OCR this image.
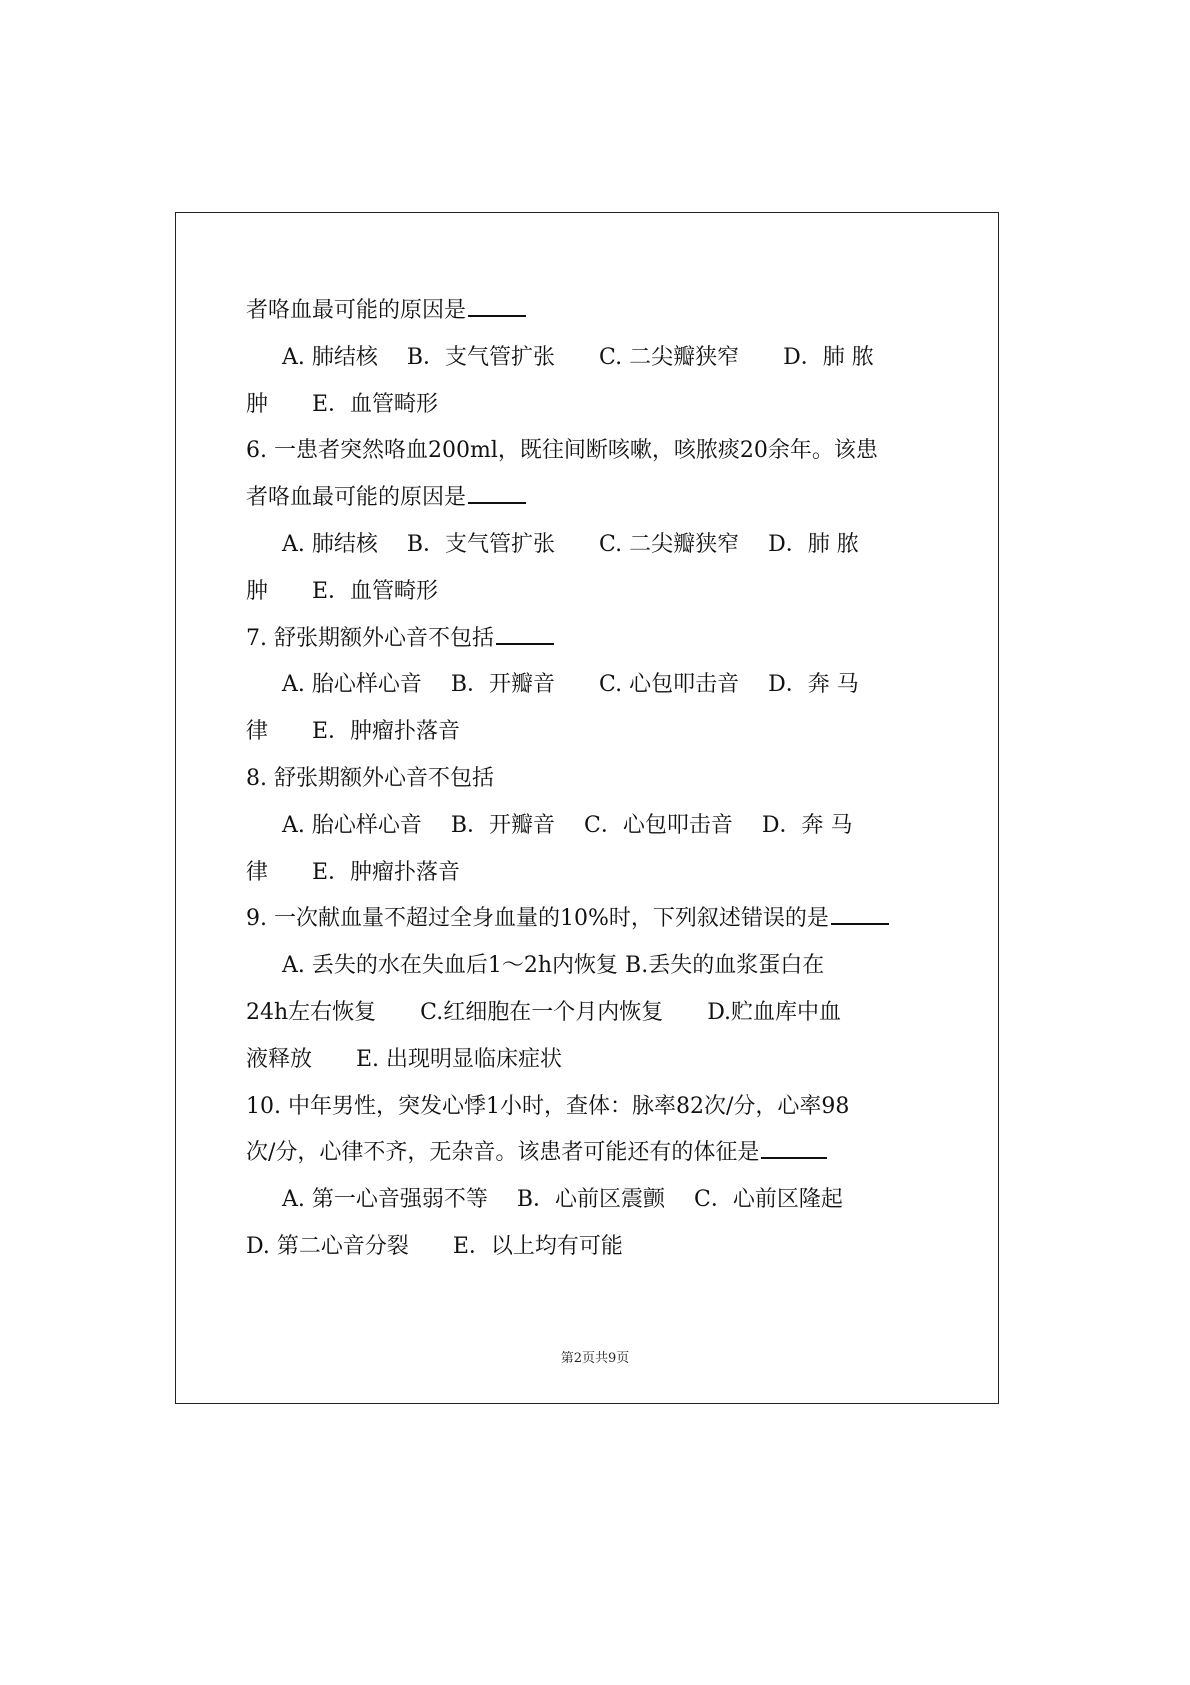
者咯血最可能的原因是
A. 肺结核　 B．支气管扩张　　C. 二尖瓣狭窄　　D．肺 脓
肿　　E．血管畸形
6. 一患者突然咯血200ml，既往间断咳嗽，咳脓痰20余年。该患
者咯血最可能的原因是
A. 肺结核　 B．支气管扩张　　C. 二尖瓣狭窄　 D．肺 脓
肿　　E．血管畸形
7. 舒张期额外心音不包括
A. 胎心样心音　 B．开瓣音　　C. 心包叩击音　 D．奔 马
律　　E．肿瘤扑落音
8. 舒张期额外心音不包括
A. 胎心样心音　 B．开瓣音　 C．心包叩击音　 D．奔 马
律　　E．肿瘤扑落音
9. 一次献血量不超过全身血量的10%时，下列叙述错误的是
A. 丢失的水在失血后1～2h内恢复 B.丢失的血浆蛋白在
24h左右恢复　　C.红细胞在一个月内恢复　　D.贮血库中血
液释放　　E. 出现明显临床症状
10. 中年男性，突发心悸1小时，查体：脉率82次/分，心率98
次/分，心律不齐，无杂音。该患者可能还有的体征是
A. 第一心音强弱不等　 B．心前区震颤　 C．心前区隆起
D. 第二心音分裂　　E．以上均有可能
第2页共9页
